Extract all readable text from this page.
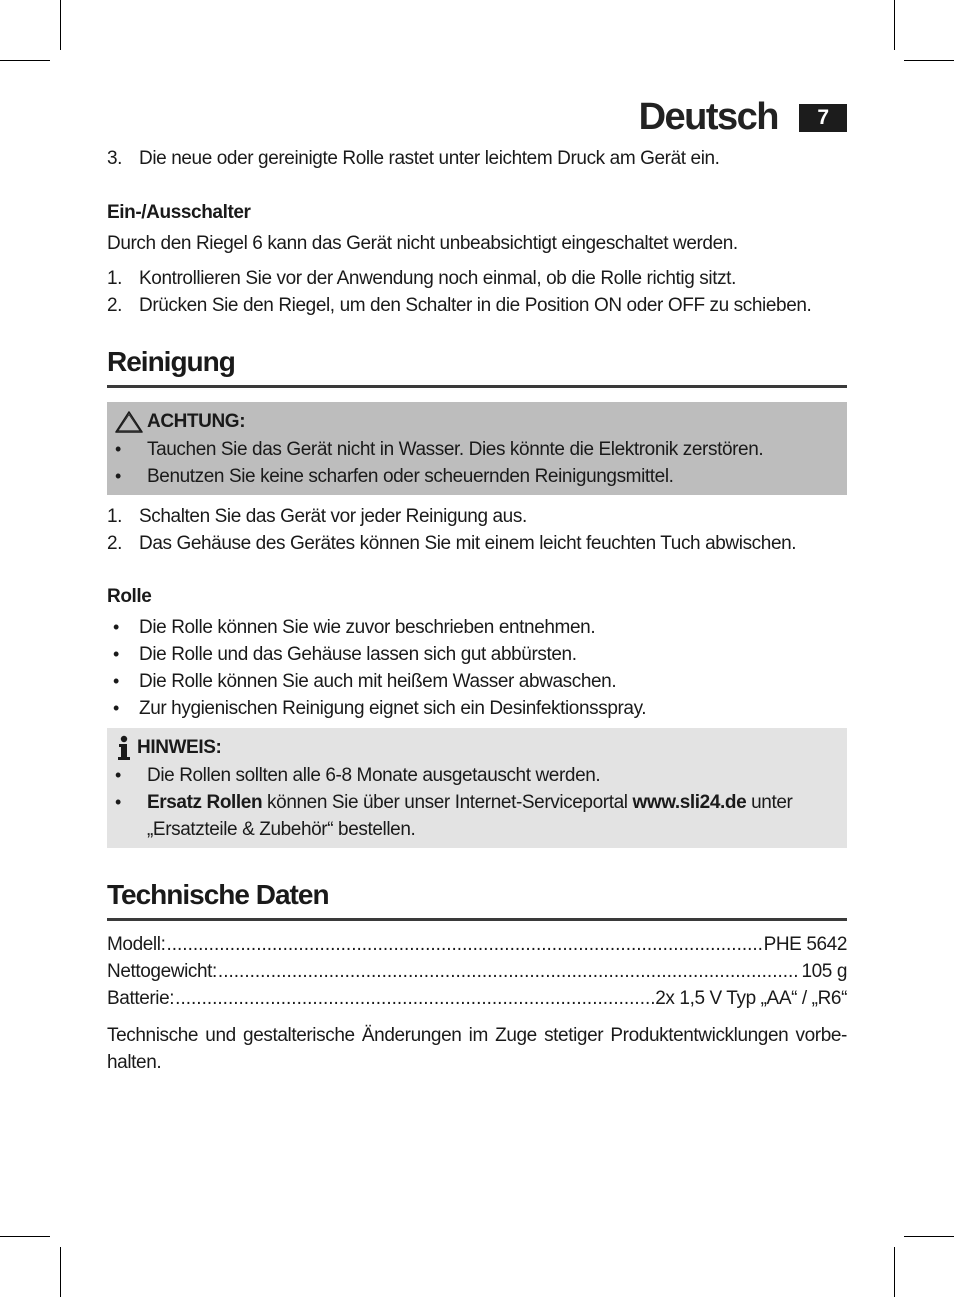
Deutsch	7
3. Die neue oder gereinigte Rolle rastet unter leichtem Druck am Gerät ein.

Ein-/Ausschalter

Durch den Riegel 6 kann das Gerät nicht unbeabsichtigt eingeschaltet werden.

1. Kontrollieren Sie vor der Anwendung noch einmal, ob die Rolle richtig sitzt.
2. Drücken Sie den Riegel, um den Schalter in die Position ON oder OFF zu schieben.
Reinigung
ACHTUNG:
• Tauchen Sie das Gerät nicht in Wasser. Dies könnte die Elektronik zerstören.
• Benutzen Sie keine scharfen oder scheuernden Reinigungsmittel.
1. Schalten Sie das Gerät vor jeder Reinigung aus.
2. Das Gehäuse des Gerätes können Sie mit einem leicht feuchten Tuch abwischen.

Rolle

• Die Rolle können Sie wie zuvor beschrieben entnehmen.
• Die Rolle und das Gehäuse lassen sich gut abbürsten.
• Die Rolle können Sie auch mit heißem Wasser abwaschen.
• Zur hygienischen Reinigung eignet sich ein Desinfektionsspray.
HINWEIS:
• Die Rollen sollten alle 6-8 Monate ausgetauscht werden.
• Ersatz Rollen können Sie über unser Internet-Serviceportal www.sli24.de unter „Ersatzteile & Zubehör“ bestellen.
Technische Daten
Modell: .....	PHE 5642
Nettogewicht: .....	105 g
Batterie: .....	2x 1,5 V Typ „AA“ / „R6“

Technische und gestalterische Änderungen im Zuge stetiger Produktentwicklungen vorbe-halten.
